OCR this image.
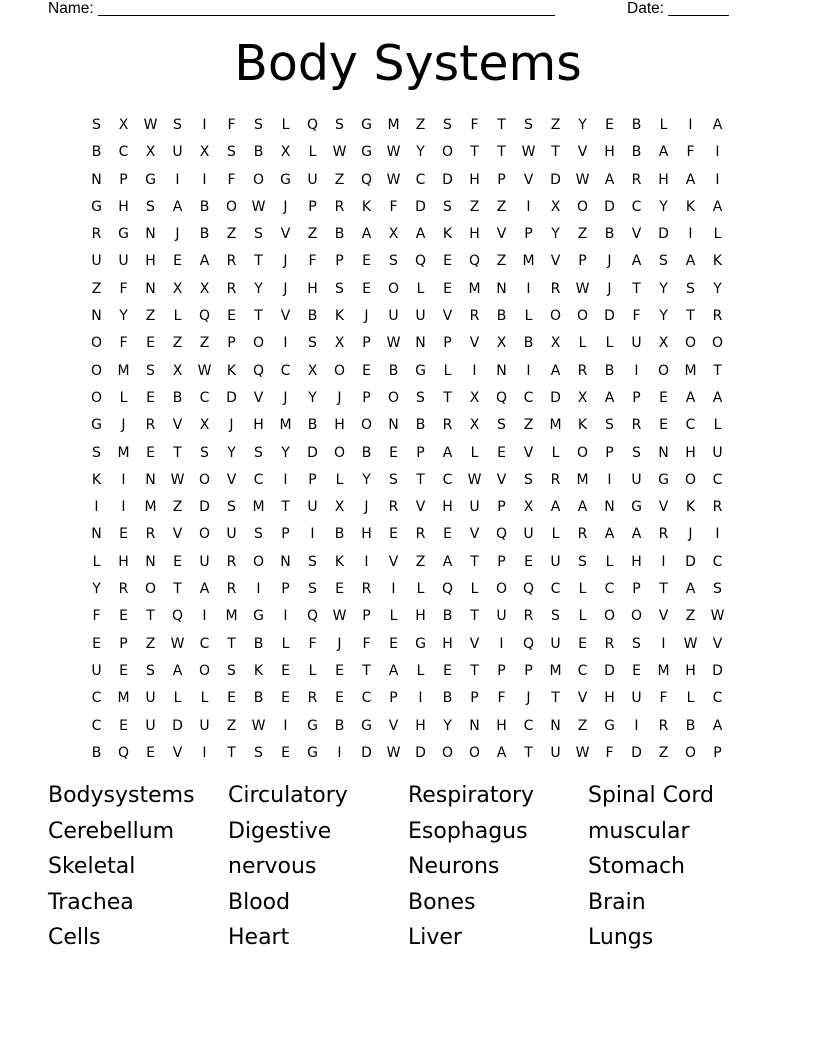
Name: _____________________________________________________	Date: _______
Body Systems
S	X	W	S	I	F	S	L	Q	S	G	M	Z	S	F	T	S	Z	Y	E	B	L	I	A
B	C	X	U	X	S	B	X	L	W	G	W	Y	O	T	T	W	T	V	H	B	A	F	I
N	P	G	I	I	F	O	G	U	Z	Q	W	C	D	H	P	V	D	W	A	R	H	A	I
G	H	S	A	B	O	W	J	P	R	K	F	D	S	Z	Z	I	X	O	D	C	Y	K	A
R	G	N	J	B	Z	S	V	Z	B	A	X	A	K	H	V	P	Y	Z	B	V	D	I	L
U	U	H	E	A	R	T	J	F	P	E	S	Q	E	Q	Z	M	V	P	J	A	S	A	K
Z	F	N	X	X	R	Y	J	H	S	E	O	L	E	M	N	I	R	W	J	T	Y	S	Y
N	Y	Z	L	Q	E	T	V	B	K	J	U	U	V	R	B	L	O	O	D	F	Y	T	R
O	F	E	Z	Z	P	O	I	S	X	P	W	N	P	V	X	B	X	L	L	U	X	O	O
O	M	S	X	W	K	Q	C	X	O	E	B	G	L	I	N	I	A	R	B	I	O	M	T
O	L	E	B	C	D	V	J	Y	J	P	O	S	T	X	Q	C	D	X	A	P	E	A	A
G	J	R	V	X	J	H	M	B	H	O	N	B	R	X	S	Z	M	K	S	R	E	C	L
S	M	E	T	S	Y	S	Y	D	O	B	E	P	A	L	E	V	L	O	P	S	N	H	U
K	I	N	W	O	V	C	I	P	L	Y	S	T	C	W	V	S	R	M	I	U	G	O	C
I	I	M	Z	D	S	M	T	U	X	J	R	V	H	U	P	X	A	A	N	G	V	K	R
N	E	R	V	O	U	S	P	I	B	H	E	R	E	V	Q	U	L	R	A	A	R	J	I
L	H	N	E	U	R	O	N	S	K	I	V	Z	A	T	P	E	U	S	L	H	I	D	C
Y	R	O	T	A	R	I	P	S	E	R	I	L	Q	L	O	Q	C	L	C	P	T	A	S
F	E	T	Q	I	M	G	I	Q	W	P	L	H	B	T	U	R	S	L	O	O	V	Z	W
E	P	Z	W	C	T	B	L	F	J	F	E	G	H	V	I	Q	U	E	R	S	I	W	V
U	E	S	A	O	S	K	E	L	E	T	A	L	E	T	P	P	M	C	D	E	M	H	D
C	M	U	L	L	E	B	E	R	E	C	P	I	B	P	F	J	T	V	H	U	F	L	C
C	E	U	D	U	Z	W	I	G	B	G	V	H	Y	N	H	C	N	Z	G	I	R	B	A
B	Q	E	V	I	T	S	E	G	I	D	W	D	O	O	A	T	U	W	F	D	Z	O	P
Bodysystems	Circulatory	Respiratory	Spinal Cord
Cerebellum	Digestive	Esophagus	muscular
Skeletal	nervous	Neurons	Stomach
Trachea	Blood	Bones	Brain
Cells	Heart	Liver	Lungs
